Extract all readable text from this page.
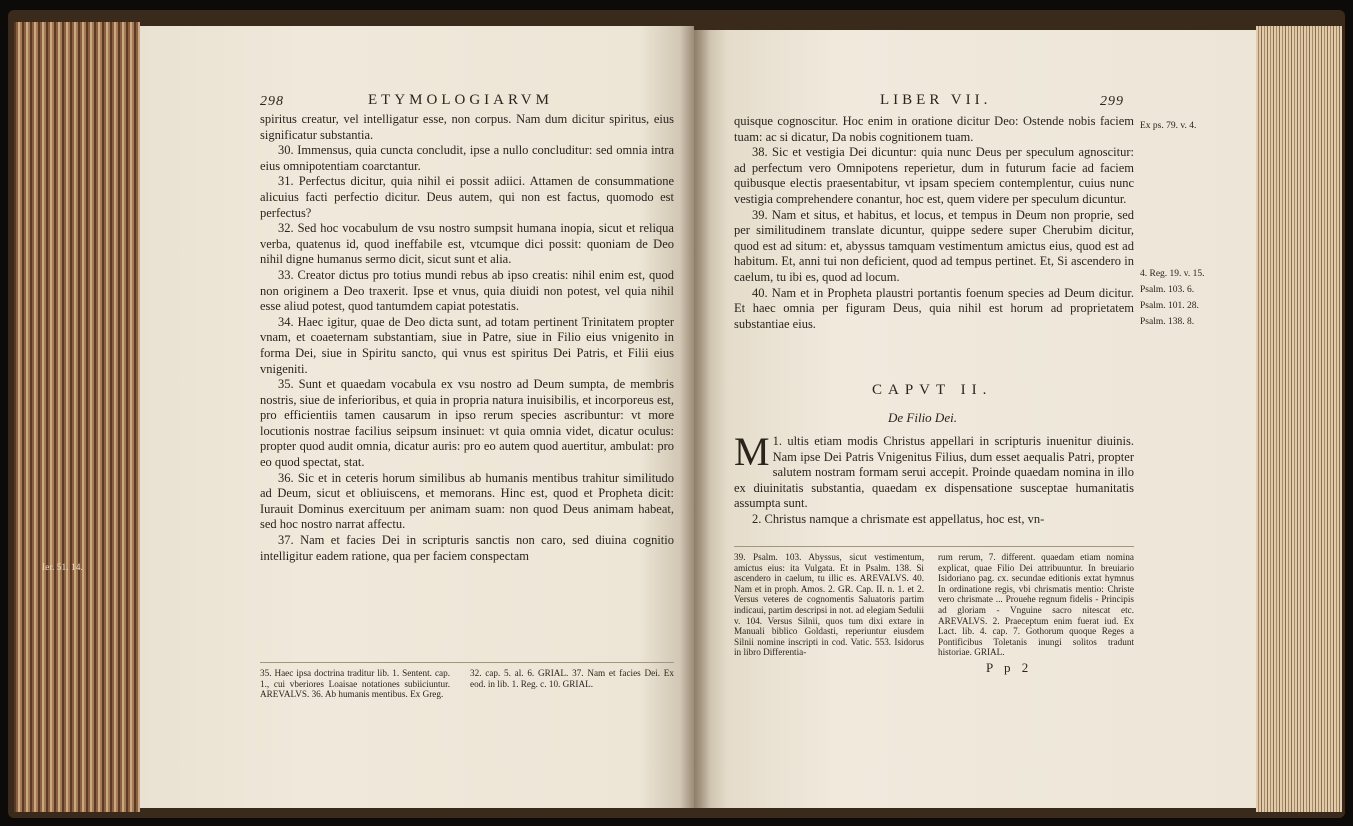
298	ETYMOLOGIARVM

spiritus creatur, vel intelligatur esse, non corpus. Nam dum dicitur spiritus, eius significatur substantia.

30. Immensus, quia cuncta concludit, ipse a nullo concluditur: sed omnia intra eius omnipotentiam coarctantur.

31. Perfectus dicitur, quia nihil ei possit adiici. Attamen de consummatione alicuius facti perfectio dicitur. Deus autem, qui non est factus, quomodo est perfectus?

32. Sed hoc vocabulum de vsu nostro sumpsit humana inopia, sicut et reliqua verba, quatenus id, quod ineffabile est, vtcumque dici possit: quoniam de Deo nihil digne humanus sermo dicit, sicut sunt et alia.

33. Creator dictus pro totius mundi rebus ab ipso creatis: nihil enim est, quod non originem a Deo traxerit. Ipse et vnus, quia diuidi non potest, vel quia nihil esse aliud potest, quod tantumdem capiat potestatis.

34. Haec igitur, quae de Deo dicta sunt, ad totam pertinent Trinitatem propter vnam, et coaeternam substantiam, siue in Patre, siue in Filio eius vnigenito in forma Dei, siue in Spiritu sancto, qui vnus est spiritus Dei Patris, et Filii eius vnigeniti.

35. Sunt et quaedam vocabula ex vsu nostro ad Deum sumpta, de membris nostris, siue de inferioribus, et quia in propria natura inuisibilis, et incorporeus est, pro efficientiis tamen causarum in ipso rerum species ascribuntur: vt more locutionis nostrae facilius seipsum insinuet: vt quia omnia videt, dicatur oculus: propter quod audit omnia, dicatur auris: pro eo autem quod auertitur, ambulat: pro eo quod spectat, stat.

36. Sic et in ceteris horum similibus ab humanis mentibus trahitur similitudo ad Deum, sicut et obliuiscens, et memorans. Hinc est, quod et Propheta dicit: Iurauit Dominus exercituum per animam suam: non quod Deus animam habeat, sed hoc nostro narrat affectu.

37. Nam et facies Dei in scripturis sanctis non caro, sed diuina cognitio intelligitur eadem ratione, qua per faciem conspectam

35. Haec ipsa doctrina traditur lib. 1. Sentent. cap. 1., cui vberiores Loaisae notationes subiiciuntur. AREVALVS. 36. Ab humanis mentibus. Ex Greg.
32. cap. 5. al. 6. GRIAL. 37. Nam et facies Dei. Ex eod. in lib. 1. Reg. c. 10. GRIAL.
Ier. 51. 14.
LIBER VII.	299

quisque cognoscitur. Hoc enim in oratione dicitur Deo: Ostende nobis faciem tuam: ac si dicatur, Da nobis cognitionem tuam.

38. Sic et vestigia Dei dicuntur: quia nunc Deus per speculum agnoscitur: ad perfectum vero Omnipotens reperietur, dum in futurum facie ad faciem quibusque electis praesentabitur, vt ipsam speciem contemplentur, cuius nunc vestigia comprehendere conantur, hoc est, quem videre per speculum dicuntur.

39. Nam et situs, et habitus, et locus, et tempus in Deum non proprie, sed per similitudinem translate dicuntur, quippe sedere super Cherubim dicitur, quod est ad situm: et, abyssus tamquam vestimentum amictus eius, quod est ad habitum. Et, anni tui non deficient, quod ad tempus pertinet. Et, Si ascendero in caelum, tu ibi es, quod ad locum.

40. Nam et in Propheta plaustri portantis foenum species ad Deum dicitur. Et haec omnia per figuram Deus, quia nihil est horum ad proprietatem substantiae eius.

Ex ps. 79. v. 4.
4. Reg. 19. v. 15.
Psalm. 103. 6.
Psalm. 101. 28.
Psalm. 138. 8.
CAPVT II.
De Filio Dei.

1.
M ultis etiam modis Christus appellari in scripturis inuenitur diuinis. Nam ipse Dei Patris Vnigenitus Filius, dum esset aequalis Patri, propter salutem nostram formam serui accepit. Proinde quaedam nomina in illo ex diuinitatis substantia, quaedam ex dispensatione susceptae humanitatis assumpta sunt.

2. Christus namque a chrismate est appellatus, hoc est, vn-

39. Psalm. 103. Abyssus, sicut vestimentum, amictus eius: ita Vulgata. Et in Psalm. 138. Si ascendero in caelum, tu illic es. AREVALVS. 40. Nam et in proph. Amos. 2. GR. Cap. II. n. 1. et 2. Versus veteres de cognomentis Saluatoris partim indicaui, partim descripsi in not. ad elegiam Sedulii v. 104. Versus Silnii, quos tum dixi extare in Manuali biblico Goldasti, reperiuntur eiusdem Silnii nomine inscripti in cod. Vatic. 553. Isidorus in libro Differentia-
rum rerum, 7. different. quaedam etiam nomina explicat, quae Filio Dei attribuuntur. In breuiario Isidoriano pag. cx. secundae editionis extat hymnus In ordinatione regis, vbi chrismatis mentio: Christe vero chrismate ... Prouehe regnum fidelis - Principis ad gloriam - Vnguine sacro nitescat etc. AREVALVS. 2. Praeceptum enim fuerat iud. Ex Lact. lib. 4. cap. 7. Gothorum quoque Reges a Pontificibus Toletanis inungi solitos tradunt historiae. GRIAL.
P p 2
